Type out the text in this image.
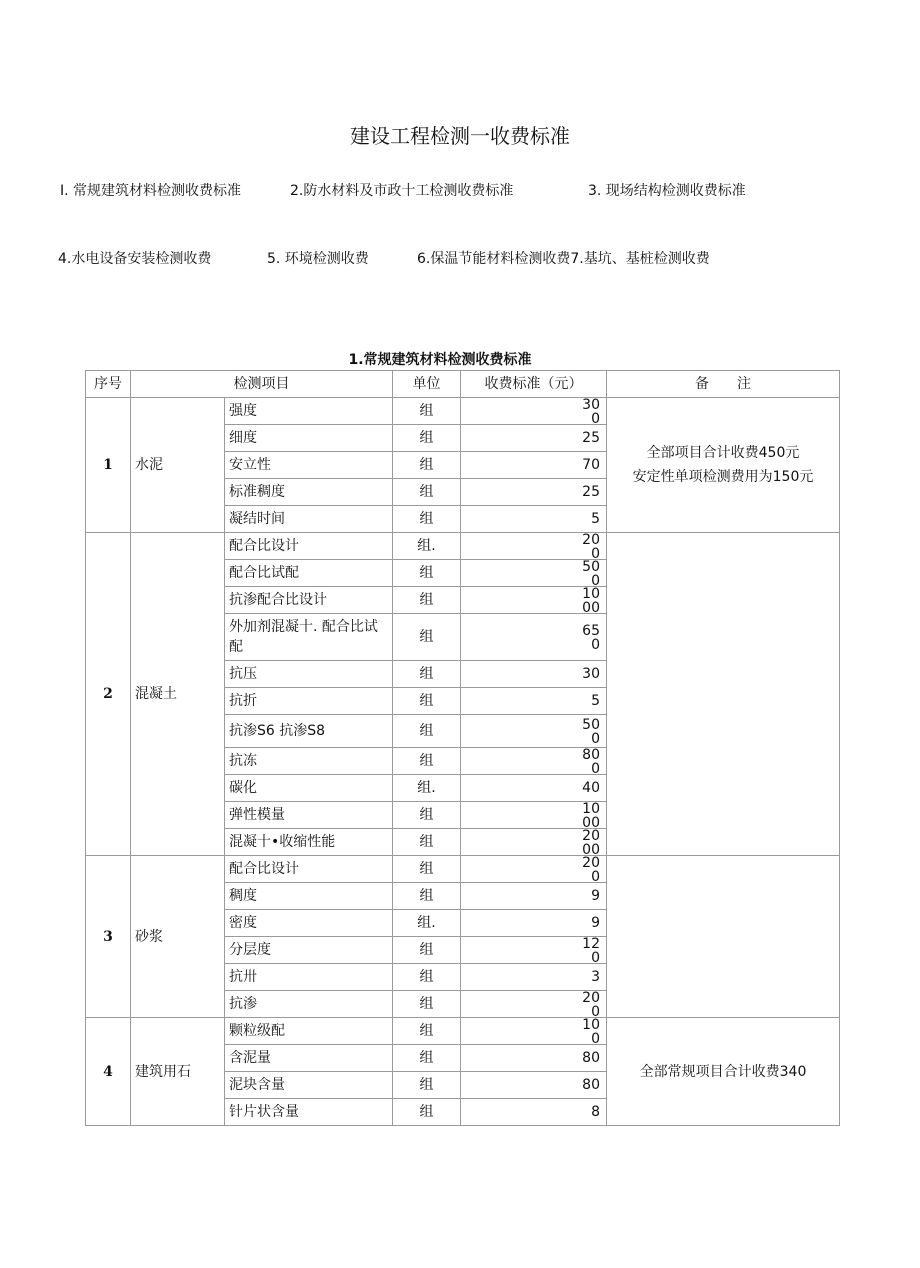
建设工程检测一收费标准
I. 常规建筑材料检测收费标准	2.防水材料及市政十工检测收费标准	3. 现场结构检测收费标准
4.水电设备安装检测收费	5. 环境检测收费	6.保温节能材料检测收费7.基坑、基桩检测收费
1.常规建筑材料检测收费标准
序号	检测项目		单位	收费标准（元）	备　　注
1	水泥	强度	组	300	全部项目合计收费450元
安定性单项检测费用为150元

		细度	组	25	
		安立性	组	70	
		标准稠度	组	25	
		凝结时间	组	5	
2	混凝土	配合比设计	组.	200	
		配合比试配	组	500	
		抗渗配合比设计	组	1000	
		外加剂混凝十. 配合比试配	组	650	
		抗压	组	30	
		抗折	组	5	
		抗渗S6 抗渗S8	组	500	
		抗冻	组	800	
		碳化	组.	40	
		弹性模量	组	1000	
		混凝十•收缩性能	组	2000	
3	砂浆	配合比设计	组	200	
		稠度	组	9	
		密度	组.	9	
		分层度	组	120	
		抗卅	组	3	
		抗渗	组	200	
4	建筑用石	颗粒级配	组	100	全部常规项目合计收费340

		含泥量	组	80	
		泥块含量	组	80	
		针片状含量	组	8	
